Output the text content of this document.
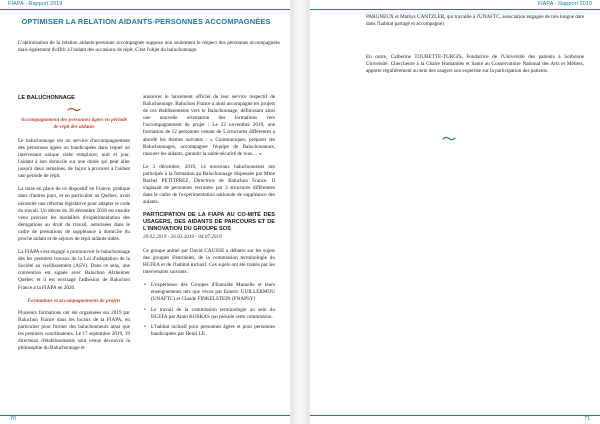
FIAPA - Rapport 2019
OPTIMISER LA RELATION AIDANTS-PERSONNES ACCOMPAGNÉES
L'optimisation de la relation aidants-personne accompagnée suppose non seulement le respect des personnes accompagnées mais également d'offrir à l'aidant des occasions de répit. C'est l'objet du baluchonnage.
LE BALUCHONNAGE
Accompagnement des personnes âgées en période de répit des aidants

Le baluchonnage est un service d'accompagnement des personnes âgées ou handicapées dans lequel un intervenant unique vient remplacer, nuit et jour, l'aidant à son domicile sur une durée qui peut aller jusqu'à deux semaines, de façon à procurer à l'aidant une période de répit.

La mise en place de ce dispositif en France, pratiqué dans d'autres pays, et en particulier au Québec, avait nécessité une réforme législative pour adapter le code du travail. Un décret du 28 décembre 2018 est ensuite venu préciser les modalités d'expérimentation des dérogations au droit du travail, autorisées dans le cadre de prestations de suppléance à domicile du proche aidant et de séjours de répit aidants-aidés.

La FIAPA s'est engagé à promouvoir le baluchonnage dès les premiers travaux de la Loi d'adaptation de la Société au vieillissement (ASV). Dans ce sens, une convention est signée avec Baluchon Alzheimer Québec et il est envisagé l'adhésion de Baluchon France à la FIAPA en 2020.

Formations et accompagnements de projets

Plusieurs formations ont été organisées sur 2019 par Baluchon France dans les locaux de la FIAPA, en particulier pour former des baluchonneurs ainsi que les premiers coordinateurs. Le 17 septembre 2019, 19 directeurs d'établissements sont venus découvrir la philosophie du Baluchonnage et

annoncer le lancement officiel de leur service respectif de Baluchonnage. Baluchon France a ainsi accompagné les projets de ces établissements vers le Baluchonnage, définissant ainsi une nouvelle orientation des formations vers l'accompagnement de projet : Le 22 novembre 2019, une formation de 12 personnes venant de 5 structures différentes a abordé les thèmes suivants : « Communiquer, préparer les Baluchonnages, accompagner l'équipe de Baluchonneurs, rassurer les aidants, garantir la santé-sécurité de tous… ».

Le 3 décembre, 2019, 14 nouveaux baluchonneurs ont participés à la formation au Baluchonnage dispensée par Mme Rachel PETITPREZ, Directrice de Baluchon France. Il s'agissait de personnes recrutées par 3 structures différentes dans le cadre de l'expérimentation nationale de suppléance des aidants.

PARTICIPATION DE LA FIAPA AU CO-MITÉ DES USAGERS, DES AIDANTS DE PARCOURS ET DE L'INNOVATION DU GROUPE SOS
20.02.2019 - 26.03.2019 - 04.07.2019

Ce groupe animé par David CAUSSE a débattu sur les sujets des groupes d'entraides, de la commission terminologie du HCFEA et de l'habitat inclusif. Ces sujets ont été traités par les intervenants suivants :

• L'expérience des Groupes d'Entraide Mutuelle et leurs enseignements tels que vécus par Emeric GUILLERMOU (UNAFTC) et Claude FINKELSTEIN (FNAPSY)
• Le travail de la commission terminologie au sein du HCEFA par Alain KOSKAS qui préside cette commission.
• L'habitat inclusif pour personnes âgées et pour personnes handicapées par Henri LE
70
FIAPA - Rapport 2019
PARGNEUX et Mathys CANTZLER, qui travaille à l'UNAFTC, association engagée de très longue date dans l'habitat partagé et accompagné)
En outre, Catherine TOURETTE-TURGIS, Fondatrice de l'Université des patients à Sorbonne Université. Chercheure à la Chaire Humanités et Santé au Conservatoire National des Arts et Métiers, apporte régulièrement au sein des usagers son expertise sur la participation des patients.
71
